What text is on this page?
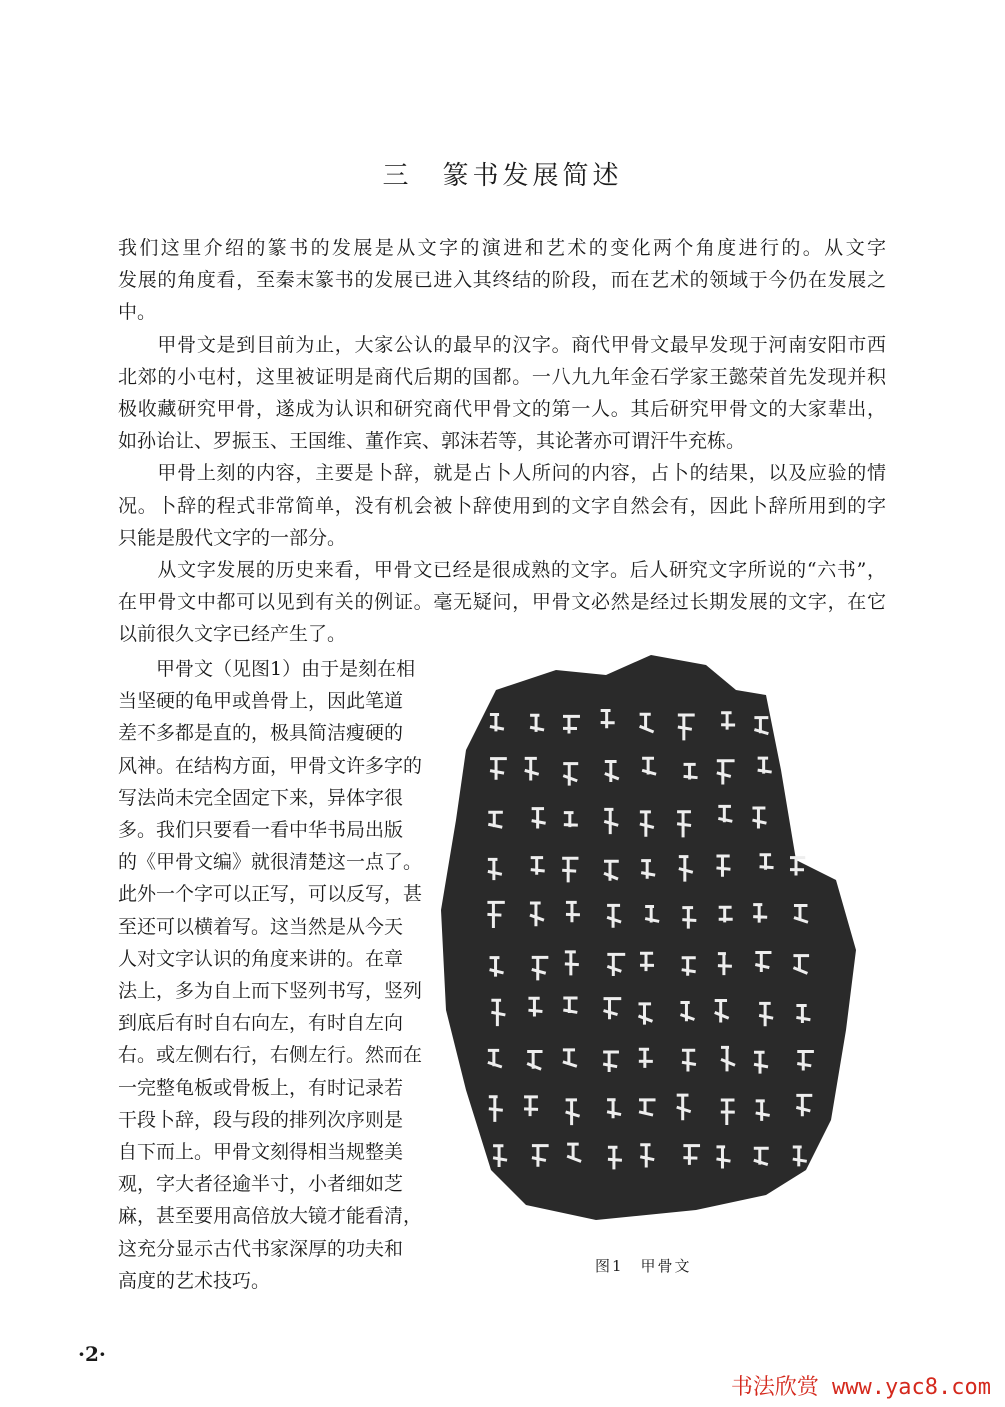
三　篆书发展简述
我们这里介绍的篆书的发展是从文字的演进和艺术的变化两个角度进行的。从文字
发展的角度看，至秦末篆书的发展已进入其终结的阶段，而在艺术的领域于今仍在发展之
中。
　　甲骨文是到目前为止，大家公认的最早的汉字。商代甲骨文最早发现于河南安阳市西
北郊的小屯村，这里被证明是商代后期的国都。一八九九年金石学家王懿荣首先发现并积
极收藏研究甲骨，遂成为认识和研究商代甲骨文的第一人。其后研究甲骨文的大家辈出，
如孙诒让、罗振玉、王国维、董作宾、郭沫若等，其论著亦可谓汗牛充栋。
　　甲骨上刻的内容，主要是卜辞，就是占卜人所问的内容，占卜的结果，以及应验的情
况。卜辞的程式非常简单，没有机会被卜辞使用到的文字自然会有，因此卜辞所用到的字
只能是殷代文字的一部分。
　　从文字发展的历史来看，甲骨文已经是很成熟的文字。后人研究文字所说的“六书”，
在甲骨文中都可以见到有关的例证。毫无疑问，甲骨文必然是经过长期发展的文字，在它
以前很久文字已经产生了。
　　甲骨文（见图1）由于是刻在相
当坚硬的龟甲或兽骨上，因此笔道
差不多都是直的，极具简洁瘦硬的
风神。在结构方面，甲骨文许多字的
写法尚未完全固定下来，异体字很
多。我们只要看一看中华书局出版
的《甲骨文编》就很清楚这一点了。
此外一个字可以正写，可以反写，甚
至还可以横着写。这当然是从今天
人对文字认识的角度来讲的。在章
法上，多为自上而下竖列书写，竖列
到底后有时自右向左，有时自左向
右。或左侧右行，右侧左行。然而在
一完整龟板或骨板上，有时记录若
干段卜辞，段与段的排列次序则是
自下而上。甲骨文刻得相当规整美
观，字大者径逾半寸，小者细如芝
麻，甚至要用高倍放大镜才能看清，
这充分显示古代书家深厚的功夫和
高度的艺术技巧。
图1　甲骨文
·2·
书法欣赏 www.yac8.com
